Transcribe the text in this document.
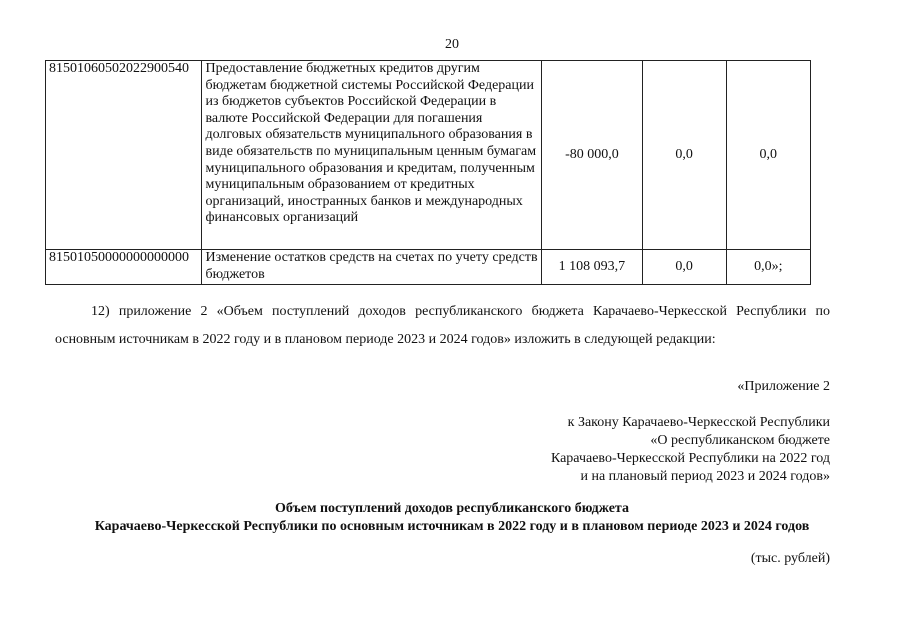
20
81501060502022900540	Предоставление бюджетных кредитов другим бюджетам бюджетной системы Российской Федерации из бюджетов субъектов Российской Федерации в валюте Российской Федерации для погашения долговых обязательств муниципального образования в виде обязательств по муниципальным ценным бумагам муниципального образования и кредитам, полученным муниципальным образованием от кредитных организаций, иностранных банков и международных финансовых организаций	-80 000,0	0,0	0,0
81501050000000000000	Изменение остатков средств на счетах по учету средств бюджетов	1 108 093,7	0,0	0,0»;

12) приложение 2 «Объем поступлений доходов республиканского бюджета Карачаево-Черкесской Республики по основным источникам в 2022 году и в плановом периоде 2023 и 2024 годов» изложить в следующей редакции:

«Приложение 2
к Закону Карачаево-Черкесской Республики
«О республиканском бюджете
Карачаево-Черкесской Республики на 2022 год
и на плановый период 2023 и 2024 годов»
Объем поступлений доходов республиканского бюджета
Карачаево-Черкесской Республики по основным источникам в 2022 году и в плановом периоде 2023 и 2024 годов
(тыс. рублей)
